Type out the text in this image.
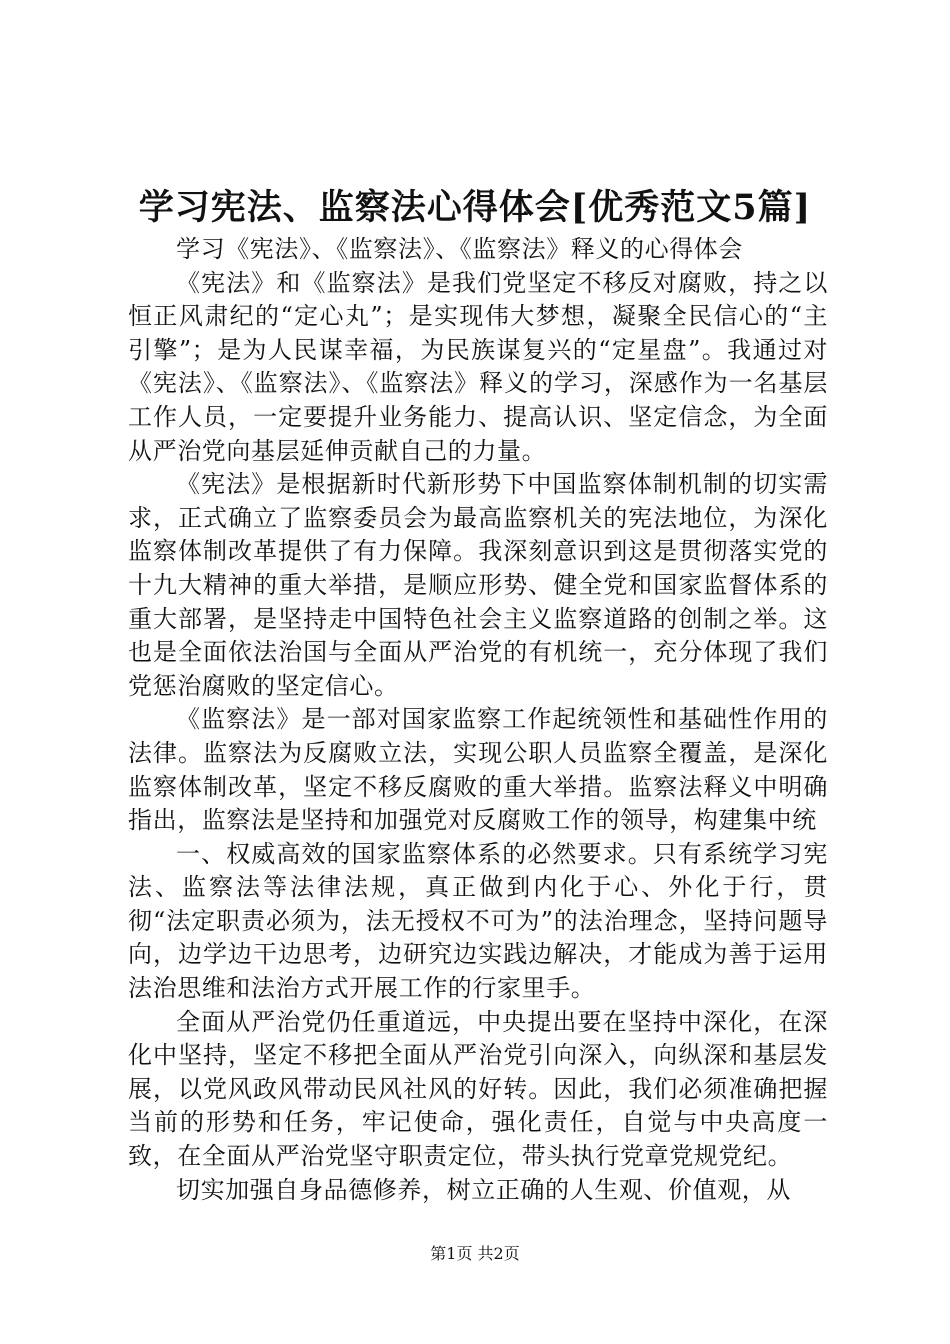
学习宪法、监察法心得体会[优秀范文5篇]

学习《宪法》、《监察法》、《监察法》释义的心得体会

《宪法》和《监察法》是我们党坚定不移反对腐败，持之以恒正风肃纪的“定心丸”；是实现伟大梦想，凝聚全民信心的“主引擎”；是为人民谋幸福，为民族谋复兴的“定星盘”。我通过对《宪法》、《监察法》、《监察法》释义的学习，深感作为一名基层工作人员，一定要提升业务能力、提高认识、坚定信念，为全面从严治党向基层延伸贡献自己的力量。

《宪法》是根据新时代新形势下中国监察体制机制的切实需求，正式确立了监察委员会为最高监察机关的宪法地位，为深化监察体制改革提供了有力保障。我深刻意识到这是贯彻落实党的十九大精神的重大举措，是顺应形势、健全党和国家监督体系的重大部署，是坚持走中国特色社会主义监察道路的创制之举。这也是全面依法治国与全面从严治党的有机统一，充分体现了我们党惩治腐败的坚定信心。

《监察法》是一部对国家监察工作起统领性和基础性作用的法律。监察法为反腐败立法，实现公职人员监察全覆盖，是深化监察体制改革，坚定不移反腐败的重大举措。监察法释义中明确指出，监察法是坚持和加强党对反腐败工作的领导，构建集中统

一、权威高效的国家监察体系的必然要求。只有系统学习宪法、监察法等法律法规，真正做到内化于心、外化于行，贯彻“法定职责必须为，法无授权不可为”的法治理念，坚持问题导向，边学边干边思考，边研究边实践边解决，才能成为善于运用法治思维和法治方式开展工作的行家里手。

全面从严治党仍任重道远，中央提出要在坚持中深化，在深化中坚持，坚定不移把全面从严治党引向深入，向纵深和基层发展，以党风政风带动民风社风的好转。因此，我们必须准确把握当前的形势和任务，牢记使命，强化责任，自觉与中央高度一致，在全面从严治党坚守职责定位，带头执行党章党规党纪。

切实加强自身品德修养，树立正确的人生观、价值观，从

第1页 共2页
